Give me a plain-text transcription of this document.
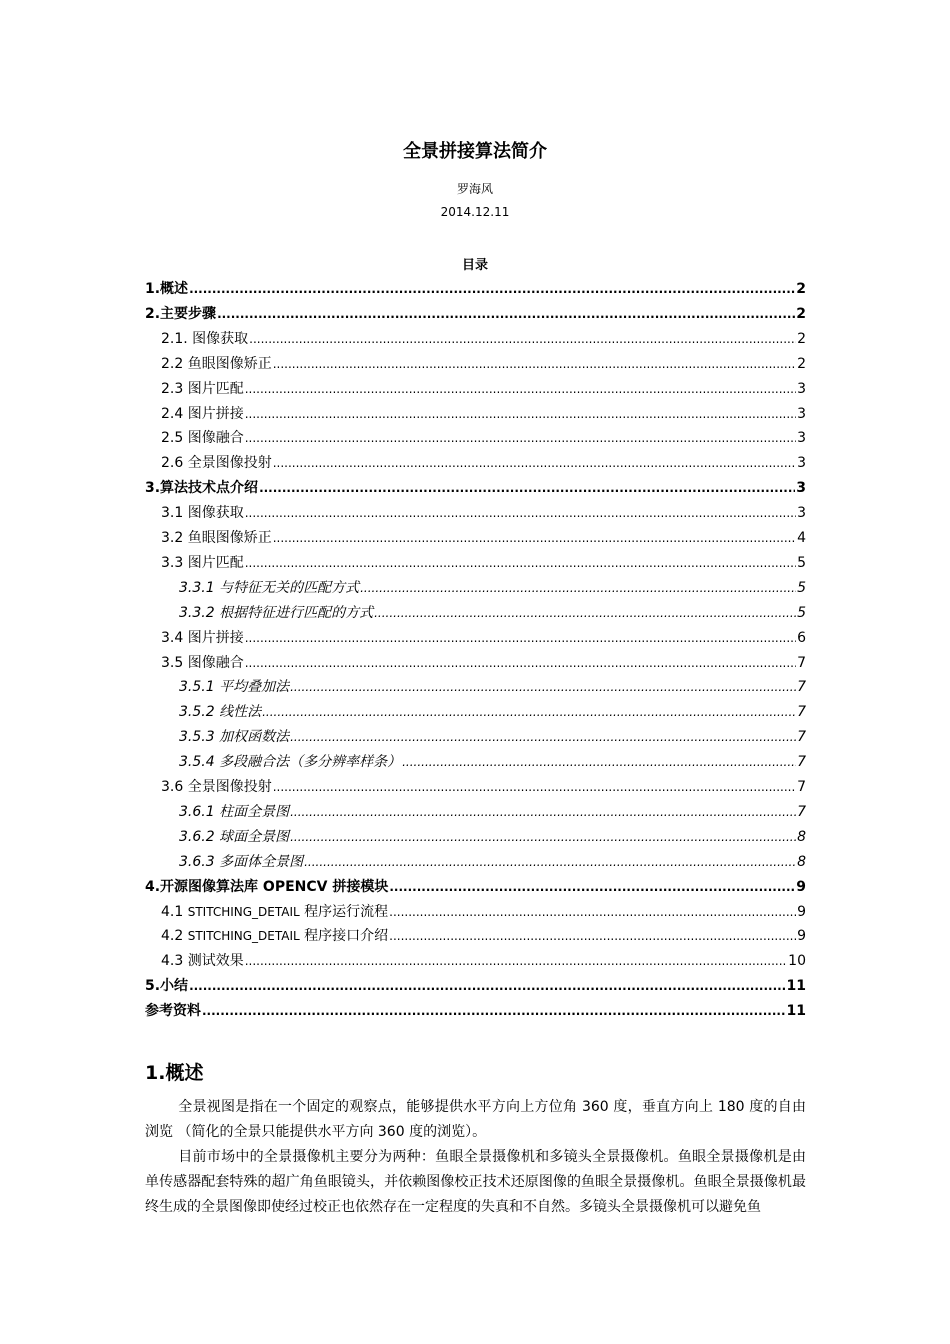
全景拼接算法简介
罗海风
2014.12.11
目录
1.概述 .....	2
2.主要步骤 .....	2
2.1. 图像获取 .....	2
2.2 鱼眼图像矫正 .....	2
2.3 图片匹配 .....	3
2.4 图片拼接 .....	3
2.5 图像融合 .....	3
2.6 全景图像投射 .....	3
3.算法技术点介绍 .....	3
3.1 图像获取 .....	3
3.2 鱼眼图像矫正 .....	4
3.3 图片匹配 .....	5
3.3.1 与特征无关的匹配方式 .....	5
3.3.2 根据特征进行匹配的方式 .....	5
3.4 图片拼接 .....	6
3.5 图像融合 .....	7
3.5.1 平均叠加法 .....	7
3.5.2 线性法 .....	7
3.5.3 加权函数法 .....	7
3.5.4 多段融合法（多分辨率样条） .....	7
3.6 全景图像投射 .....	7
3.6.1 柱面全景图 .....	7
3.6.2 球面全景图 .....	8
3.6.3 多面体全景图 .....	8
4.开源图像算法库 OPENCV 拼接模块 .....	9
4.1 STITCHING_DETAIL 程序运行流程 .....	9
4.2 STITCHING_DETAIL 程序接口介绍 .....	9
4.3 测试效果 .....	10
5.小结 .....	11
参考资料 .....	11
1.概述
全景视图是指在一个固定的观察点，能够提供水平方向上方位角 360 度，垂直方向上 180 度的自由浏览 （简化的全景只能提供水平方向 360 度的浏览）。
目前市场中的全景摄像机主要分为两种：鱼眼全景摄像机和多镜头全景摄像机。鱼眼全景摄像机是由单传感器配套特殊的超广角鱼眼镜头，并依赖图像校正技术还原图像的鱼眼全景摄像机。鱼眼全景摄像机最终生成的全景图像即使经过校正也依然存在一定程度的失真和不自然。多镜头全景摄像机可以避免鱼
